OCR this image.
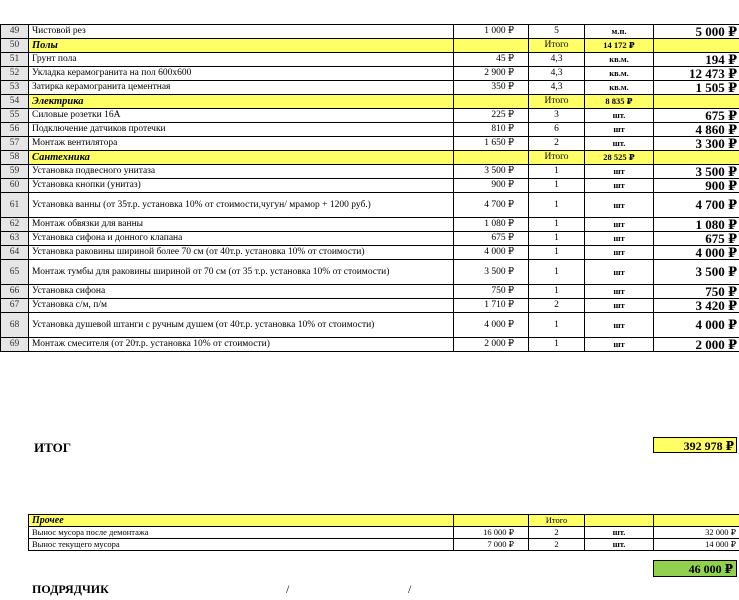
49	Чистовой рез	1 000 ₽	5	м.п.	5 000 ₽
50	Полы		Итого	14 172 ₽	
51	Грунт пола	45 ₽	4,3	кв.м.	194 ₽
52	Укладка керамогранита на пол 600х600	2 900 ₽	4,3	кв.м.	12 473 ₽
53	Затирка керамогранита цементная	350 ₽	4,3	кв.м.	1 505 ₽
54	Электрика		Итого	8 835 ₽	
55	Силовые розетки 16А	225 ₽	3	шт.	675 ₽
56	Подключение датчиков протечки	810 ₽	6	шт	4 860 ₽
57	Монтаж вентилятора	1 650 ₽	2	шт.	3 300 ₽
58	Сантехника		Итого	28 525 ₽	
59	Установка подвесного унитаза	3 500 ₽	1	шт	3 500 ₽
60	Установка кнопки (унитаз)	900 ₽	1	шт	900 ₽
61	Установка ванны (от 35т.р. установка 10% от стоимости,чугун/ мрамор + 1200 руб.)	4 700 ₽	1	шт	4 700 ₽
62	Монтаж обвязки для ванны	1 080 ₽	1	шт	1 080 ₽
63	Установка сифона и донного клапана	675 ₽	1	шт	675 ₽
64	Установка раковины шириной более 70 см (от 40т.р. установка 10% от стоимости)	4 000 ₽	1	шт	4 000 ₽
65	Монтаж тумбы для раковины шириной от 70 см (от 35 т.р. установка 10% от стоимости)	3 500 ₽	1	шт	3 500 ₽
66	Установка сифона	750 ₽	1	шт	750 ₽
67	Установка с/м, п/м	1 710 ₽	2	шт	3 420 ₽
68	Установка душевой штанги с ручным душем (от 40т.р. установка 10% от стоимости)	4 000 ₽	1	шт	4 000 ₽
69	Монтаж смесителя (от 20т.р. установка 10% от стоимости)	2 000 ₽	1	шт	2 000 ₽
ИТОГ	392 978 ₽
Прочее		Итого		
Вынос мусора после демонтажа	16 000 ₽	2	шт.	32 000 ₽
Вынос текущего мусора	7 000 ₽	2	шт.	14 000 ₽
46 000 ₽
ПОДРЯДЧИК	/	/
